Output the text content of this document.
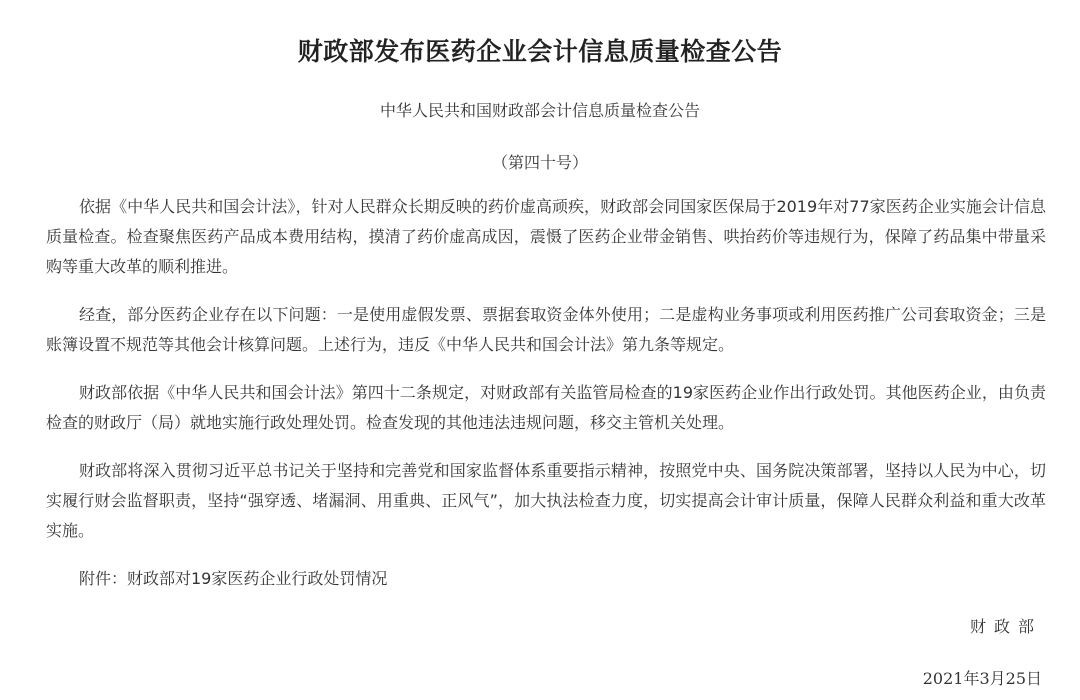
财政部发布医药企业会计信息质量检查公告

中华人民共和国财政部会计信息质量检查公告

（第四十号）

依据《中华人民共和国会计法》，针对人民群众长期反映的药价虚高顽疾，财政部会同国家医保局于2019年对77家医药企业实施会计信息质量检查。检查聚焦医药产品成本费用结构，摸清了药价虚高成因，震慑了医药企业带金销售、哄抬药价等违规行为，保障了药品集中带量采购等重大改革的顺利推进。

经查，部分医药企业存在以下问题：一是使用虚假发票、票据套取资金体外使用；二是虚构业务事项或利用医药推广公司套取资金；三是账簿设置不规范等其他会计核算问题。上述行为，违反《中华人民共和国会计法》第九条等规定。

财政部依据《中华人民共和国会计法》第四十二条规定，对财政部有关监管局检查的19家医药企业作出行政处罚。其他医药企业，由负责检查的财政厅（局）就地实施行政处理处罚。检查发现的其他违法违规问题，移交主管机关处理。

财政部将深入贯彻习近平总书记关于坚持和完善党和国家监督体系重要指示精神，按照党中央、国务院决策部署，坚持以人民为中心，切实履行财会监督职责，坚持“强穿透、堵漏洞、用重典、正风气”，加大执法检查力度，切实提高会计审计质量，保障人民群众利益和重大改革实施。

附件：财政部对19家医药企业行政处罚情况

财政部

2021年3月25日
